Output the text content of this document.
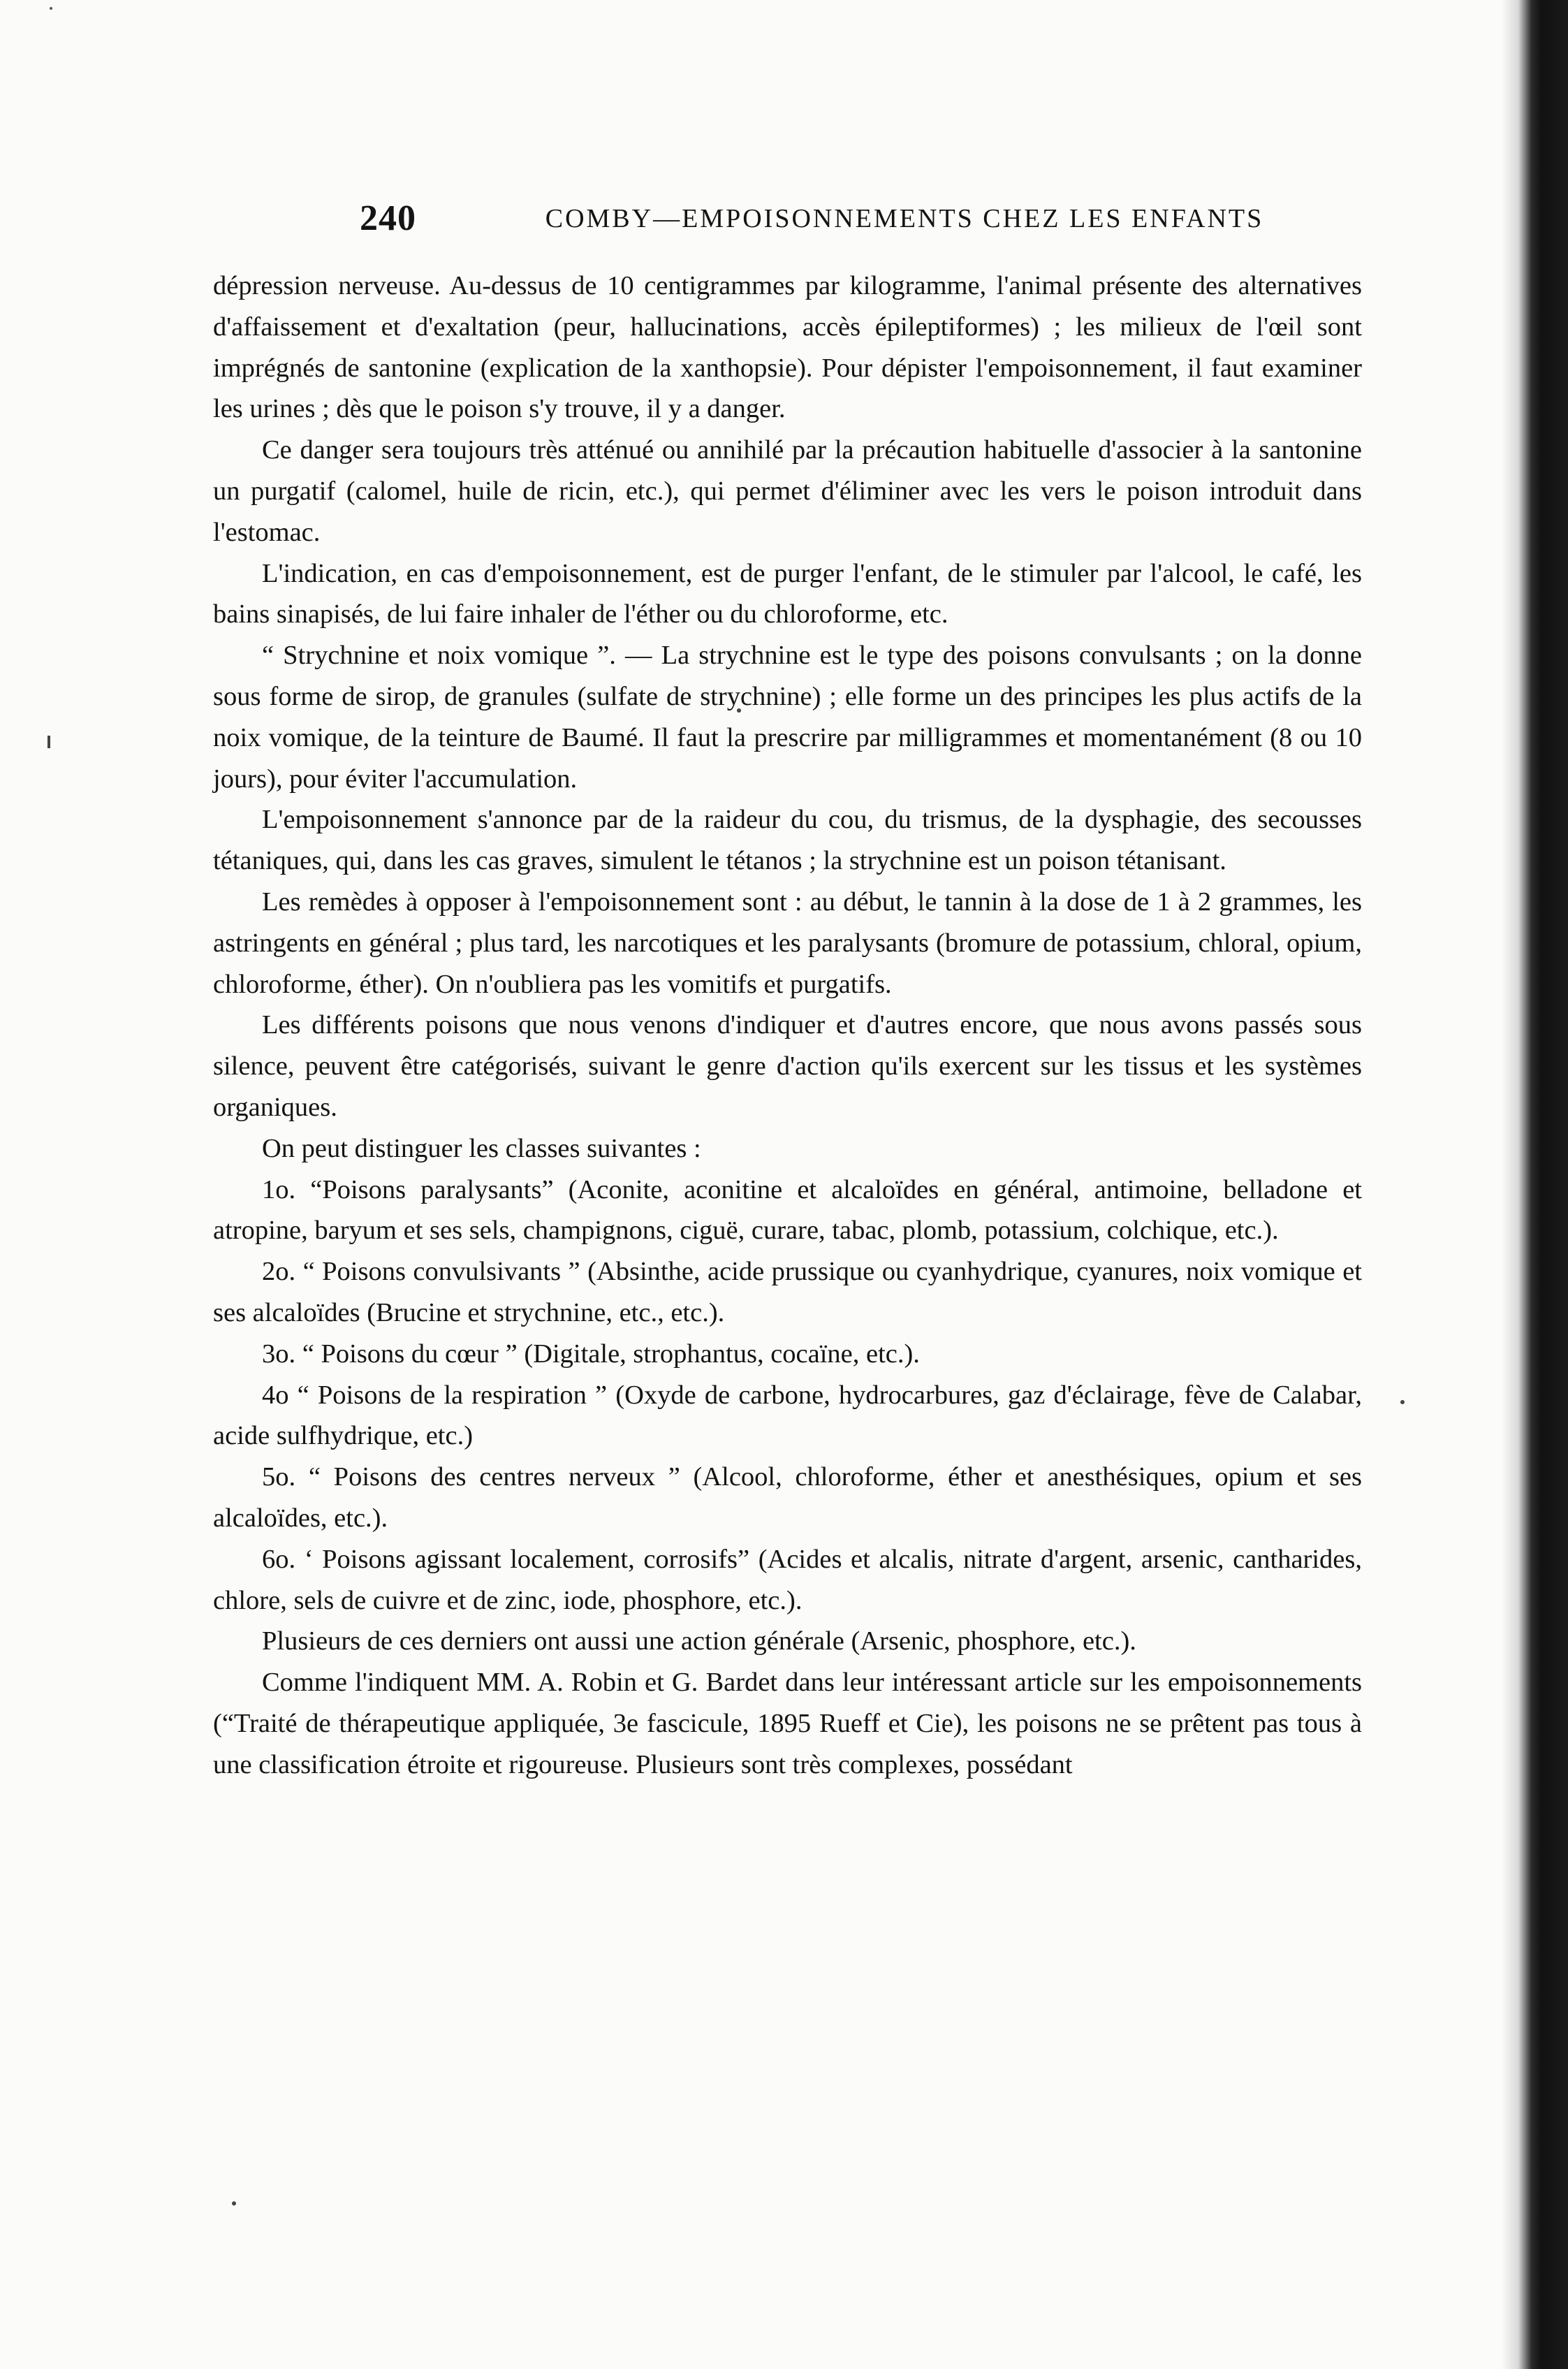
240	COMBY—EMPOISONNEMENTS CHEZ LES ENFANTS

dépression nerveuse. Au-dessus de 10 centigrammes par kilogramme, l'animal présente des alternatives d'affaissement et d'exaltation (peur, hallucinations, accès épileptiformes) ; les milieux de l'œil sont imprégnés de santonine (explication de la xanthopsie). Pour dépister l'empoisonnement, il faut examiner les urines ; dès que le poison s'y trouve, il y a danger.

Ce danger sera toujours très atténué ou annihilé par la précaution habituelle d'associer à la santonine un purgatif (calomel, huile de ricin, etc.), qui permet d'éliminer avec les vers le poison introduit dans l'estomac.

L'indication, en cas d'empoisonnement, est de purger l'enfant, de le stimuler par l'alcool, le café, les bains sinapisés, de lui faire inhaler de l'éther ou du chloroforme, etc.

“ Strychnine et noix vomique ”. — La strychnine est le type des poisons convulsants ; on la donne sous forme de sirop, de granules (sulfate de strychnine) ; elle forme un des principes les plus actifs de la noix vomique, de la teinture de Baumé. Il faut la prescrire par milligrammes et momentanément (8 ou 10 jours), pour éviter l'accumulation.

L'empoisonnement s'annonce par de la raideur du cou, du trismus, de la dysphagie, des secousses tétaniques, qui, dans les cas graves, simulent le tétanos ; la strychnine est un poison tétanisant.

Les remèdes à opposer à l'empoisonnement sont : au début, le tannin à la dose de 1 à 2 grammes, les astringents en général ; plus tard, les narcotiques et les paralysants (bromure de potassium, chloral, opium, chloroforme, éther). On n'oubliera pas les vomitifs et purgatifs.

Les différents poisons que nous venons d'indiquer et d'autres encore, que nous avons passés sous silence, peuvent être catégorisés, suivant le genre d'action qu'ils exercent sur les tissus et les systèmes organiques.

On peut distinguer les classes suivantes :

1o. “Poisons paralysants” (Aconite, aconitine et alcaloïdes en général, antimoine, belladone et atropine, baryum et ses sels, champignons, ciguë, curare, tabac, plomb, potassium, colchique, etc.).

2o. “ Poisons convulsivants ” (Absinthe, acide prussique ou cyanhydrique, cyanures, noix vomique et ses alcaloïdes (Brucine et strychnine, etc., etc.).

3o. “ Poisons du cœur ” (Digitale, strophantus, cocaïne, etc.).

4o “ Poisons de la respiration ” (Oxyde de carbone, hydrocarbures, gaz d'éclairage, fève de Calabar, acide sulfhydrique, etc.)

5o. “ Poisons des centres nerveux ” (Alcool, chloroforme, éther et anesthésiques, opium et ses alcaloïdes, etc.).

6o. ‘ Poisons agissant localement, corrosifs” (Acides et alcalis, nitrate d'argent, arsenic, cantharides, chlore, sels de cuivre et de zinc, iode, phosphore, etc.).

Plusieurs de ces derniers ont aussi une action générale (Arsenic, phosphore, etc.).

Comme l'indiquent MM. A. Robin et G. Bardet dans leur intéressant article sur les empoisonnements (“Traité de thérapeutique appliquée, 3e fascicule, 1895 Rueff et Cie), les poisons ne se prêtent pas tous à une classification étroite et rigoureuse. Plusieurs sont très complexes, possédant
